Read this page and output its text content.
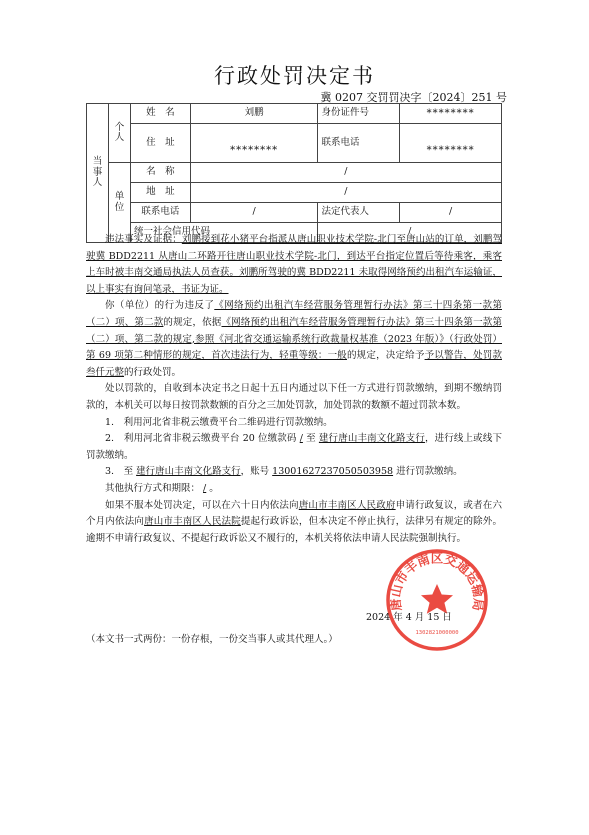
行政处罚决定书
冀 0207 交罚罚决字〔2024〕251 号
当事人	个人	姓　名	刘鹏	身份证件号	********
		住　址	********	联系电话	********
	单位	名　称	/		
		地　址	/		
		联系电话	/	法定代表人	/
		统一社会信用代码		/	

违法事实及证据：刘鹏接到花小猪平台指派从唐山职业技术学院-北门至唐山站的订单，刘鹏驾驶冀 BDD2211 从唐山二环路开往唐山职业技术学院-北门，到达平台指定位置后等待乘客，乘客上车时被丰南交通局执法人员查获。刘鹏所驾驶的冀 BDD2211 未取得网络预约出租汽车运输证，以上事实有询问笔录，书证为证。

你（单位）的行为违反了《网络预约出租汽车经营服务管理暂行办法》第三十四条第一款第（二）项、第二款的规定，依据《网络预约出租汽车经营服务管理暂行办法》第三十四条第一款第（二）项、第二款的规定,参照《河北省交通运输系统行政裁量权基准（2023 年版）》（行政处罚）第 69 项第二种情形的规定，首次违法行为，轻重等级：一般的规定，决定给予予以警告，处罚款叁仟元整的行政处罚。

处以罚款的，自收到本决定书之日起十五日内通过以下任一方式进行罚款缴纳，到期不缴纳罚款的，本机关可以每日按罚款数额的百分之三加处罚款，加处罚款的数额不超过罚款本数。

1.　利用河北省非税云缴费平台二维码进行罚款缴纳。

2.　利用河北省非税云缴费平台 20 位缴款码 / 至 建行唐山丰南文化路支行，进行线上或线下罚款缴纳。

3.　至 建行唐山丰南文化路支行，账号 13001627237050503958 进行罚款缴纳。

其他执行方式和期限： / 。

如果不服本处罚决定，可以在六十日内依法向唐山市丰南区人民政府申请行政复议，或者在六个月内依法向唐山市丰南区人民法院提起行政诉讼，但本决定不停止执行，法律另有规定的除外。逾期不申请行政复议、不提起行政诉讼又不履行的，本机关将依法申请人民法院强制执行。

唐山市丰南区交通运输局
1302821000000
2024 年 4 月 15 日
（本文书一式两份：一份存根，一份交当事人或其代理人。）
